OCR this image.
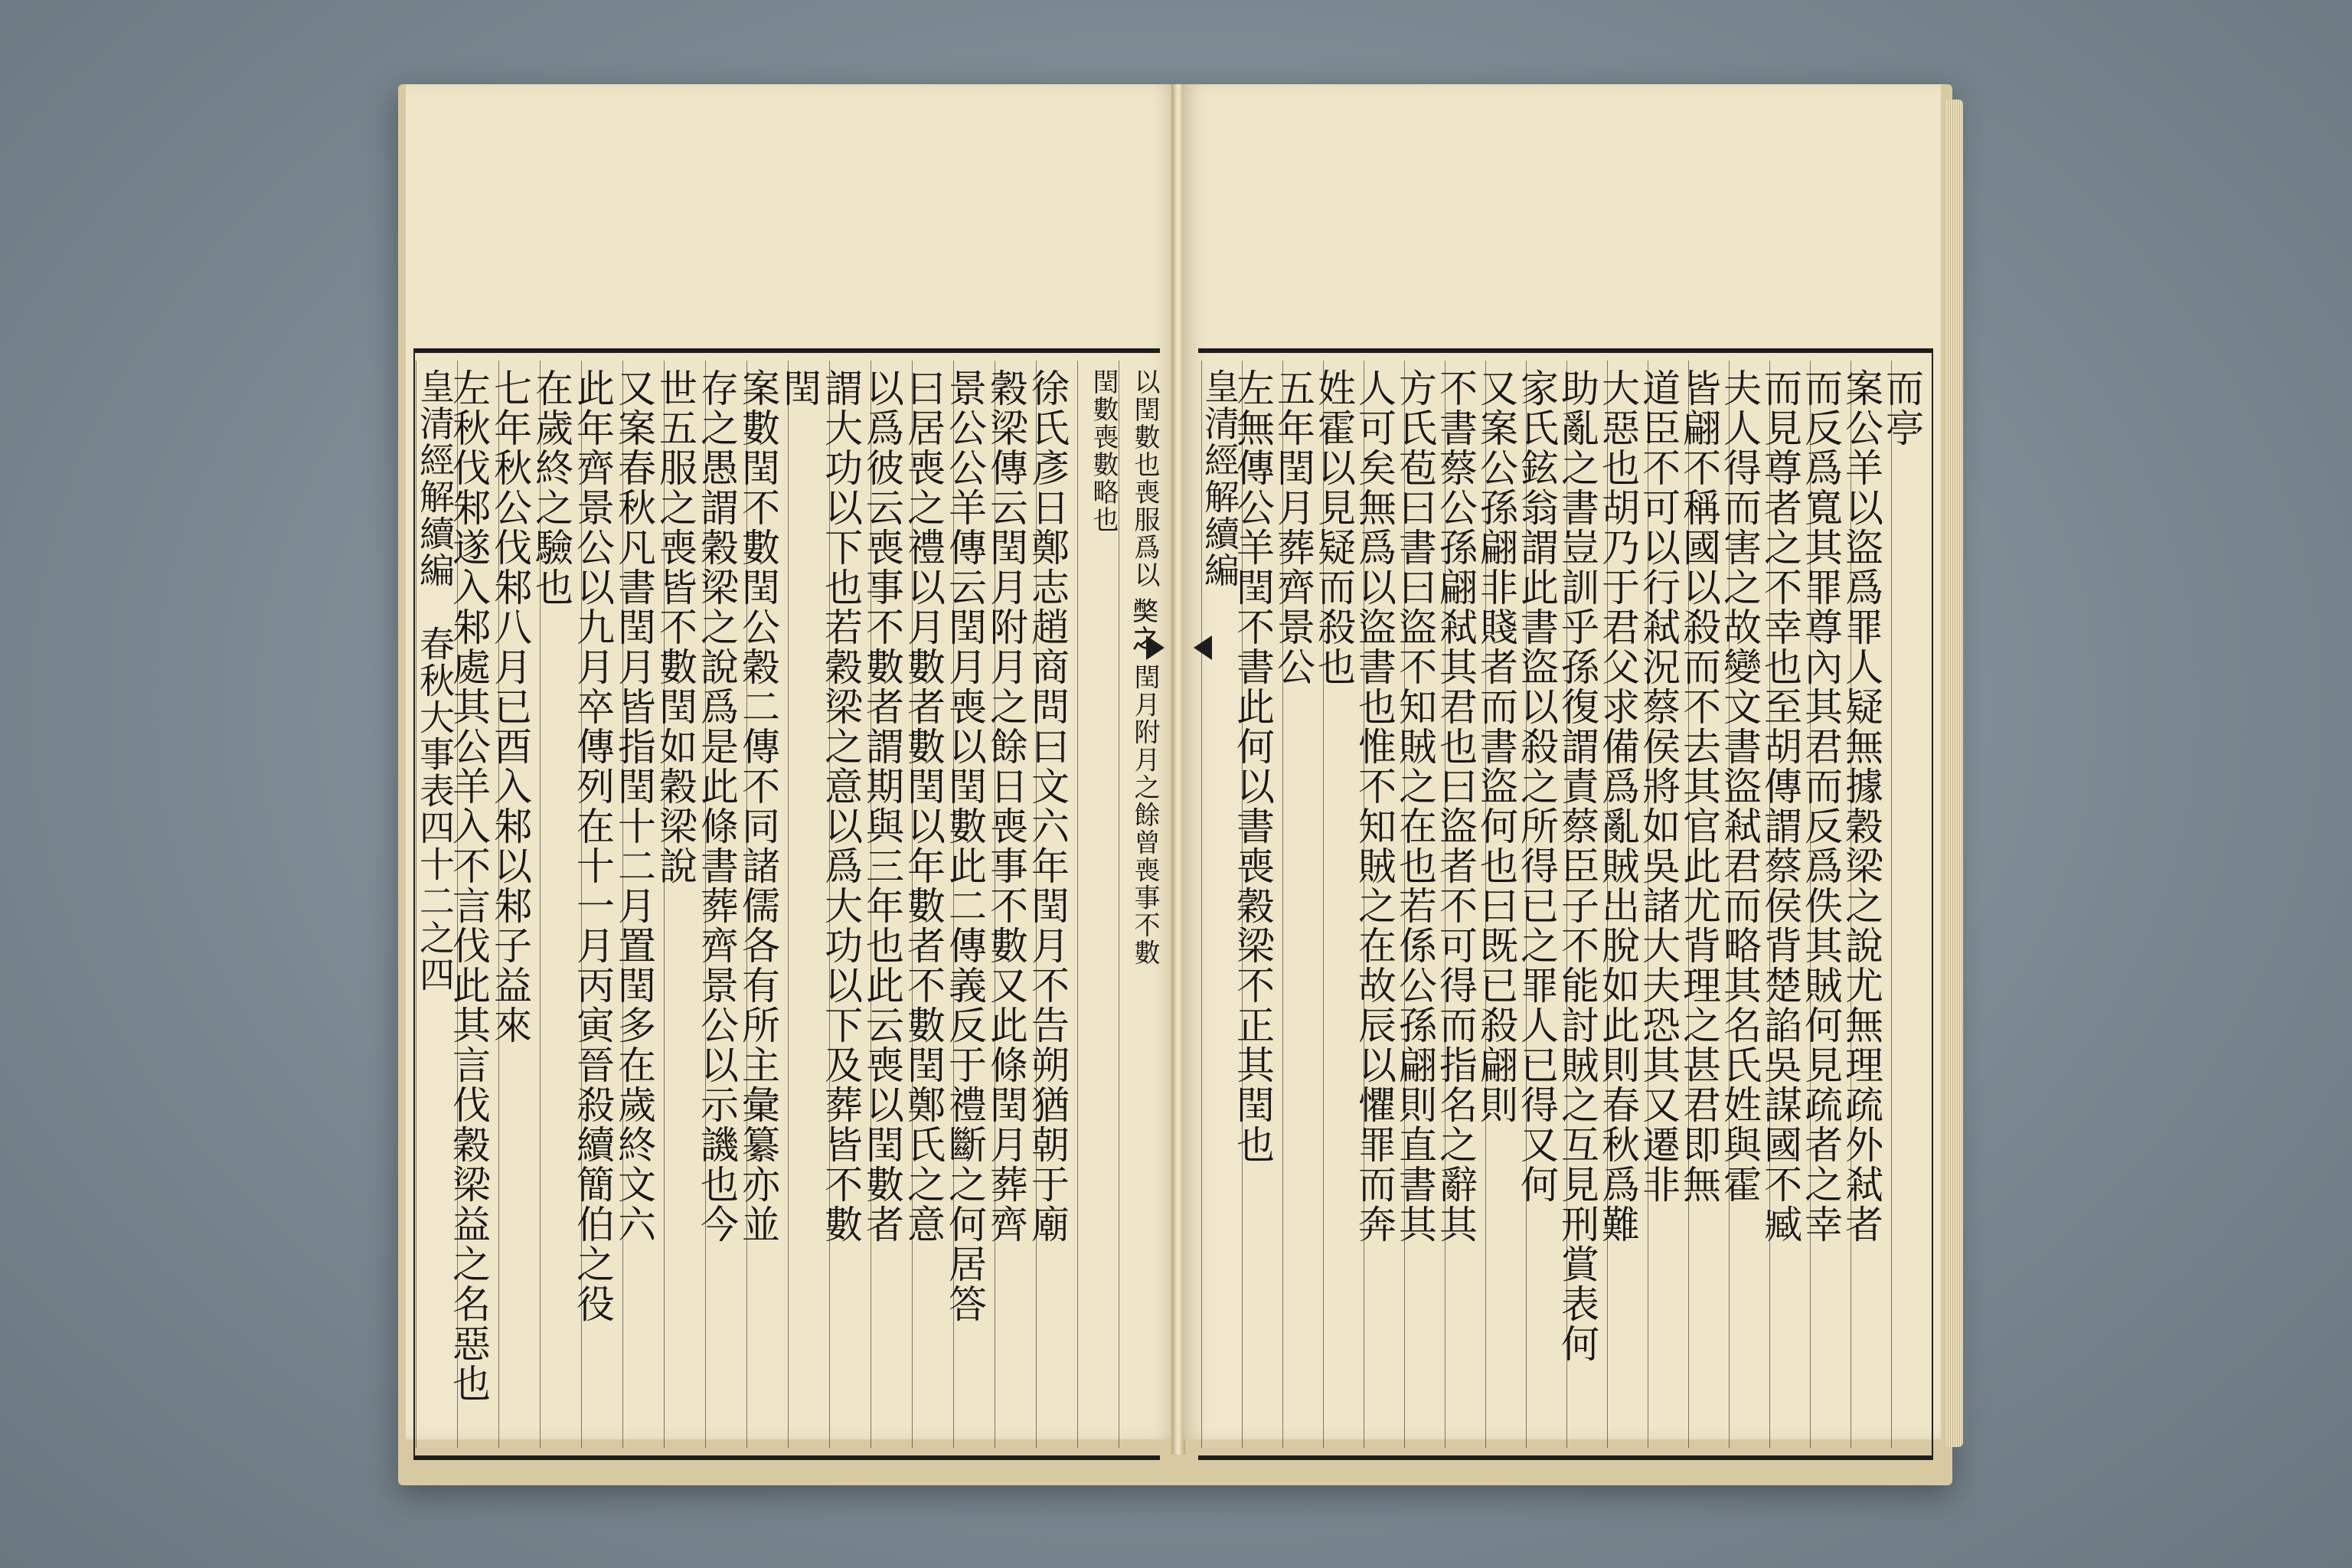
以閏數也喪服爲以 𡚁之 閏月附月之餘曾喪事不數
閏數喪數略也
徐氏彥日鄭志趙商問曰文六年閏月不告朔猶朝于廟
穀梁傳云閏月附月之餘日喪事不數又此條閏月葬齊
景公公羊傳云閏月喪以閏數此二傳義反于禮斷之何居答
曰居喪之禮以月數者數閏以年數者不數閏鄭氏之意
以爲彼云喪事不數者謂期與三年也此云喪以閏數者
謂大功以下也若穀梁之意以爲大功以下及葬皆不數
閏
案數閏不數閏公穀二傳不同諸儒各有所主彙纂亦並
存之愚謂穀梁之說爲是此條書葬齊景公以示譏也今
世五服之喪皆不數閏如穀梁說
又案春秋凡書閏月皆指閏十二月置閏多在歲終文六
此年齊景公以九月卒傳列在十一月丙寅晉殺續簡伯之役
在歲終之驗也
七年秋公伐邾八月已酉入邾以邾子益來
左秋伐邾遂入邾處其公羊入不言伐此其言伐穀梁益之名惡也
皇清經解續編　春秋大事表四十二之四	而亭
案公羊以盜爲罪人疑無據穀梁之說尤無理疏外弒者
而反爲寬其罪尊內其君而反爲佚其賊何見疏者之幸
而見尊者之不幸也至胡傳謂蔡侯背楚諂吳謀國不臧
夫人得而害之故變文書盜弒君而略其名氏姓與霍
皆翩不稱國以殺而不去其官此尤背理之甚君即無
道臣不可以行弒況蔡侯將如吳諸大夫恐其又遷非
大惡也胡乃于君父求備爲亂賊出脫如此則春秋爲難
助亂之書豈訓乎孫復謂責蔡臣子不能討賊之互見刑賞表何
家氏鉉翁謂此書盜以殺之所得已之罪人已得又何
又案公孫翩非賤者而書盜何也曰既已殺翩則
不書蔡公孫翩弒其君也曰盜者不可得而指名之辭其
方氏苞曰書曰盜不知賊之在也若係公孫翩則直書其
人可矣無爲以盜書也惟不知賊之在故辰以懼罪而奔
姓霍以見疑而殺也
五年閏月葬齊景公
左無傳公羊閏不書此何以書喪穀梁不正其閏也
皇清經解續編
